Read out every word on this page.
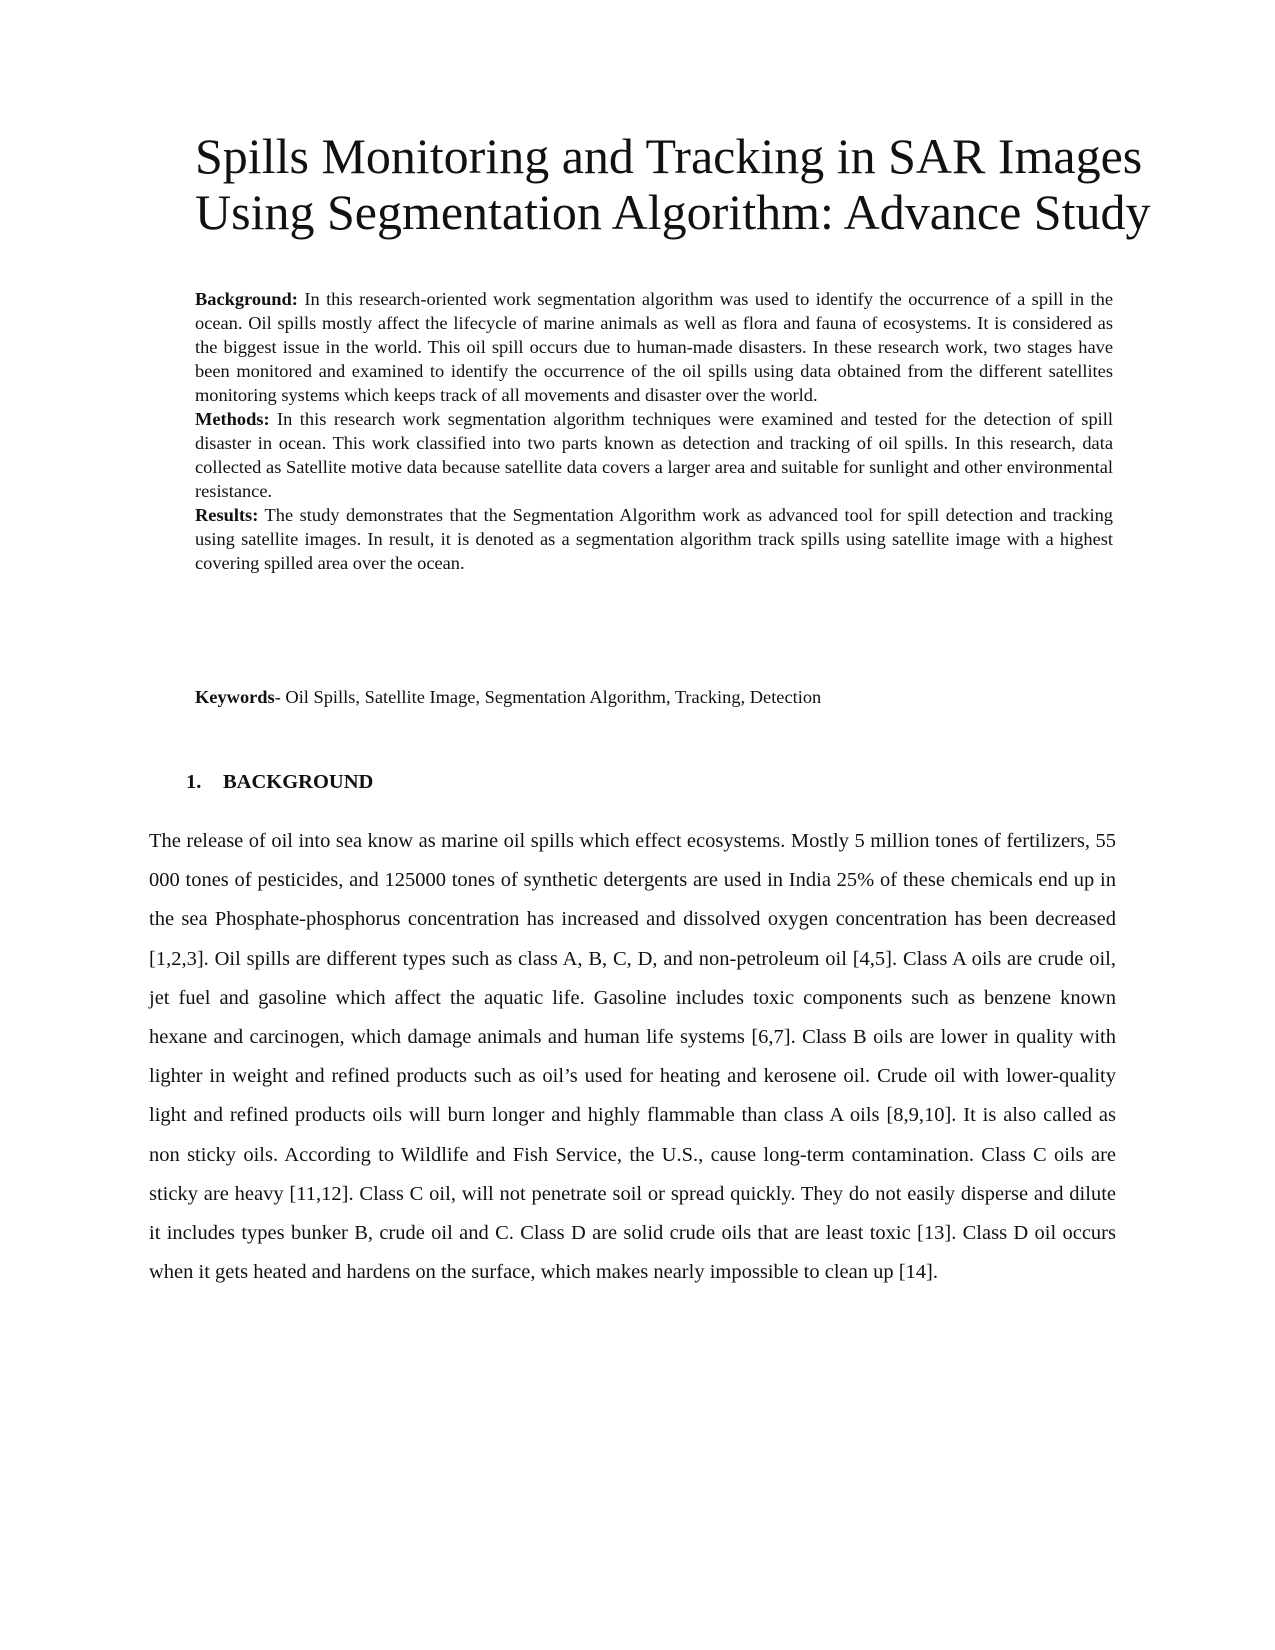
Spills Monitoring and Tracking in SAR Images
Using Segmentation Algorithm: Advance Study

Background: In this research-oriented work segmentation algorithm was used to identify the occurrence of a spill in the ocean. Oil spills mostly affect the lifecycle of marine animals as well as flora and fauna of ecosystems. It is considered as the biggest issue in the world. This oil spill occurs due to human-made disasters. In these research work, two stages have been monitored and examined to identify the occurrence of the oil spills using data obtained from the different satellites monitoring systems which keeps track of all movements and disaster over the world.

Methods: In this research work segmentation algorithm techniques were examined and tested for the detection of spill disaster in ocean. This work classified into two parts known as detection and tracking of oil spills. In this research, data collected as Satellite motive data because satellite data covers a larger area and suitable for sunlight and other environmental resistance.

Results: The study demonstrates that the Segmentation Algorithm work as advanced tool for spill detection and tracking using satellite images. In result, it is denoted as a segmentation algorithm track spills using satellite image with a highest covering spilled area over the ocean.

Keywords- Oil Spills, Satellite Image, Segmentation Algorithm, Tracking, Detection
1. BACKGROUND

The release of oil into sea know as marine oil spills which effect ecosystems. Mostly 5 million tones of fertilizers, 55 000 tones of pesticides, and 125000 tones of synthetic detergents are used in India 25% of these chemicals end up in the sea Phosphate-phosphorus concentration has increased and dissolved oxygen concentration has been decreased [1,2,3]. Oil spills are different types such as class A, B, C, D, and non-petroleum oil [4,5]. Class A oils are crude oil, jet fuel and gasoline which affect the aquatic life. Gasoline includes toxic components such as benzene known hexane and carcinogen, which damage animals and human life systems [6,7]. Class B oils are lower in quality with lighter in weight and refined products such as oil’s used for heating and kerosene oil. Crude oil with lower-quality light and refined products oils will burn longer and highly flammable than class A oils [8,9,10]. It is also called as non sticky oils. According to Wildlife and Fish Service, the U.S., cause long-term contamination. Class C oils are sticky are heavy [11,12]. Class C oil, will not penetrate soil or spread quickly. They do not easily disperse and dilute it includes types bunker B, crude oil and C. Class D are solid crude oils that are least toxic [13]. Class D oil occurs when it gets heated and hardens on the surface, which makes nearly impossible to clean up [14].
